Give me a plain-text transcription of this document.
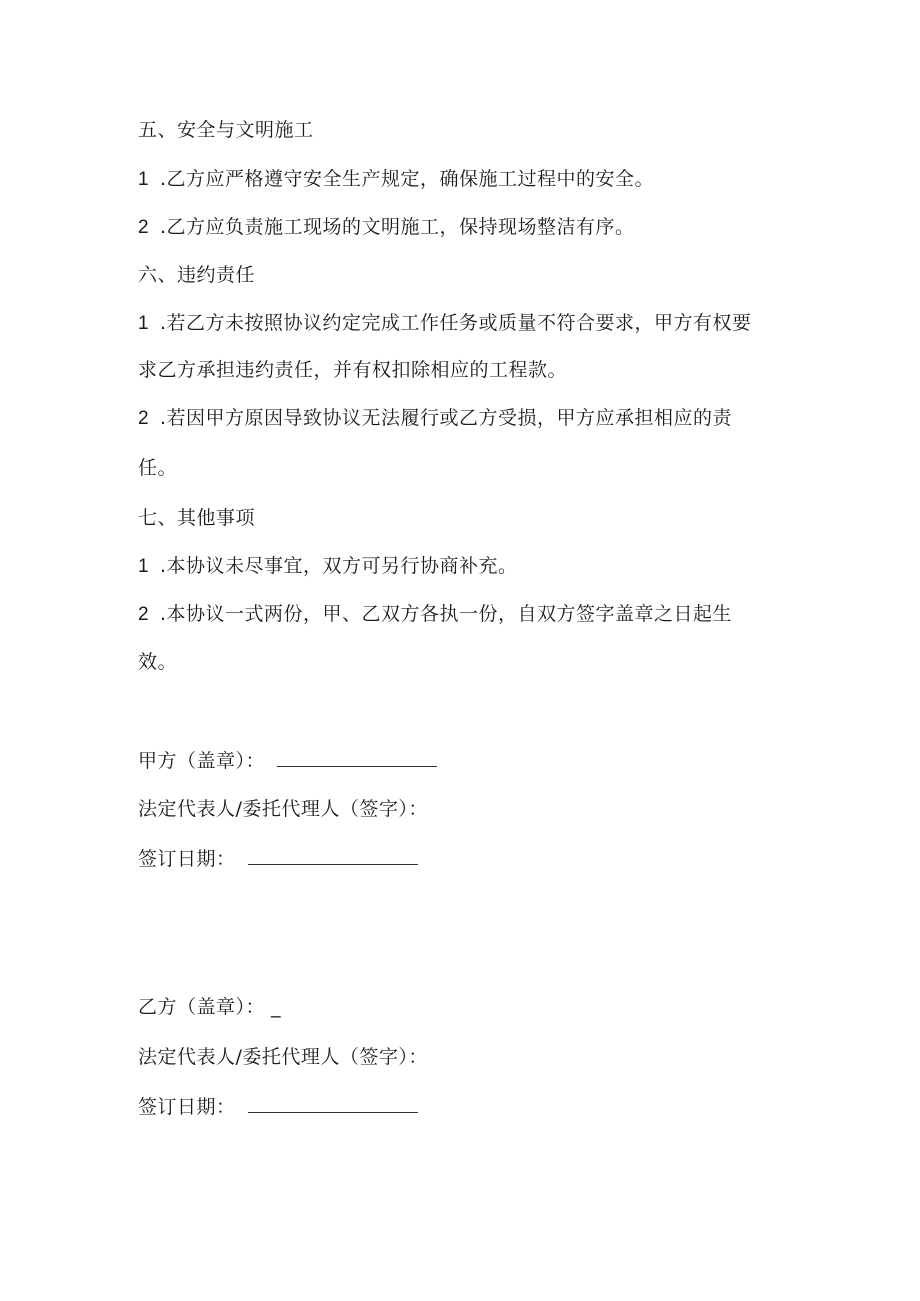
五、安全与文明施工
1 .乙方应严格遵守安全生产规定，确保施工过程中的安全。
2 .乙方应负责施工现场的文明施工，保持现场整洁有序。
六、违约责任
1 .若乙方未按照协议约定完成工作任务或质量不符合要求，甲方有权要
求乙方承担违约责任，并有权扣除相应的工程款。
2 .若因甲方原因导致协议无法履行或乙方受损，甲方应承担相应的责
任。
七、其他事项
1 .本协议未尽事宜，双方可另行协商补充。
2 .本协议一式两份，甲、乙双方各执一份，自双方签字盖章之日起生
效。
甲方（盖章）：
法定代表人/委托代理人（签字）：
签订日期：
乙方（盖章）： _
法定代表人/委托代理人（签字）：
签订日期：
